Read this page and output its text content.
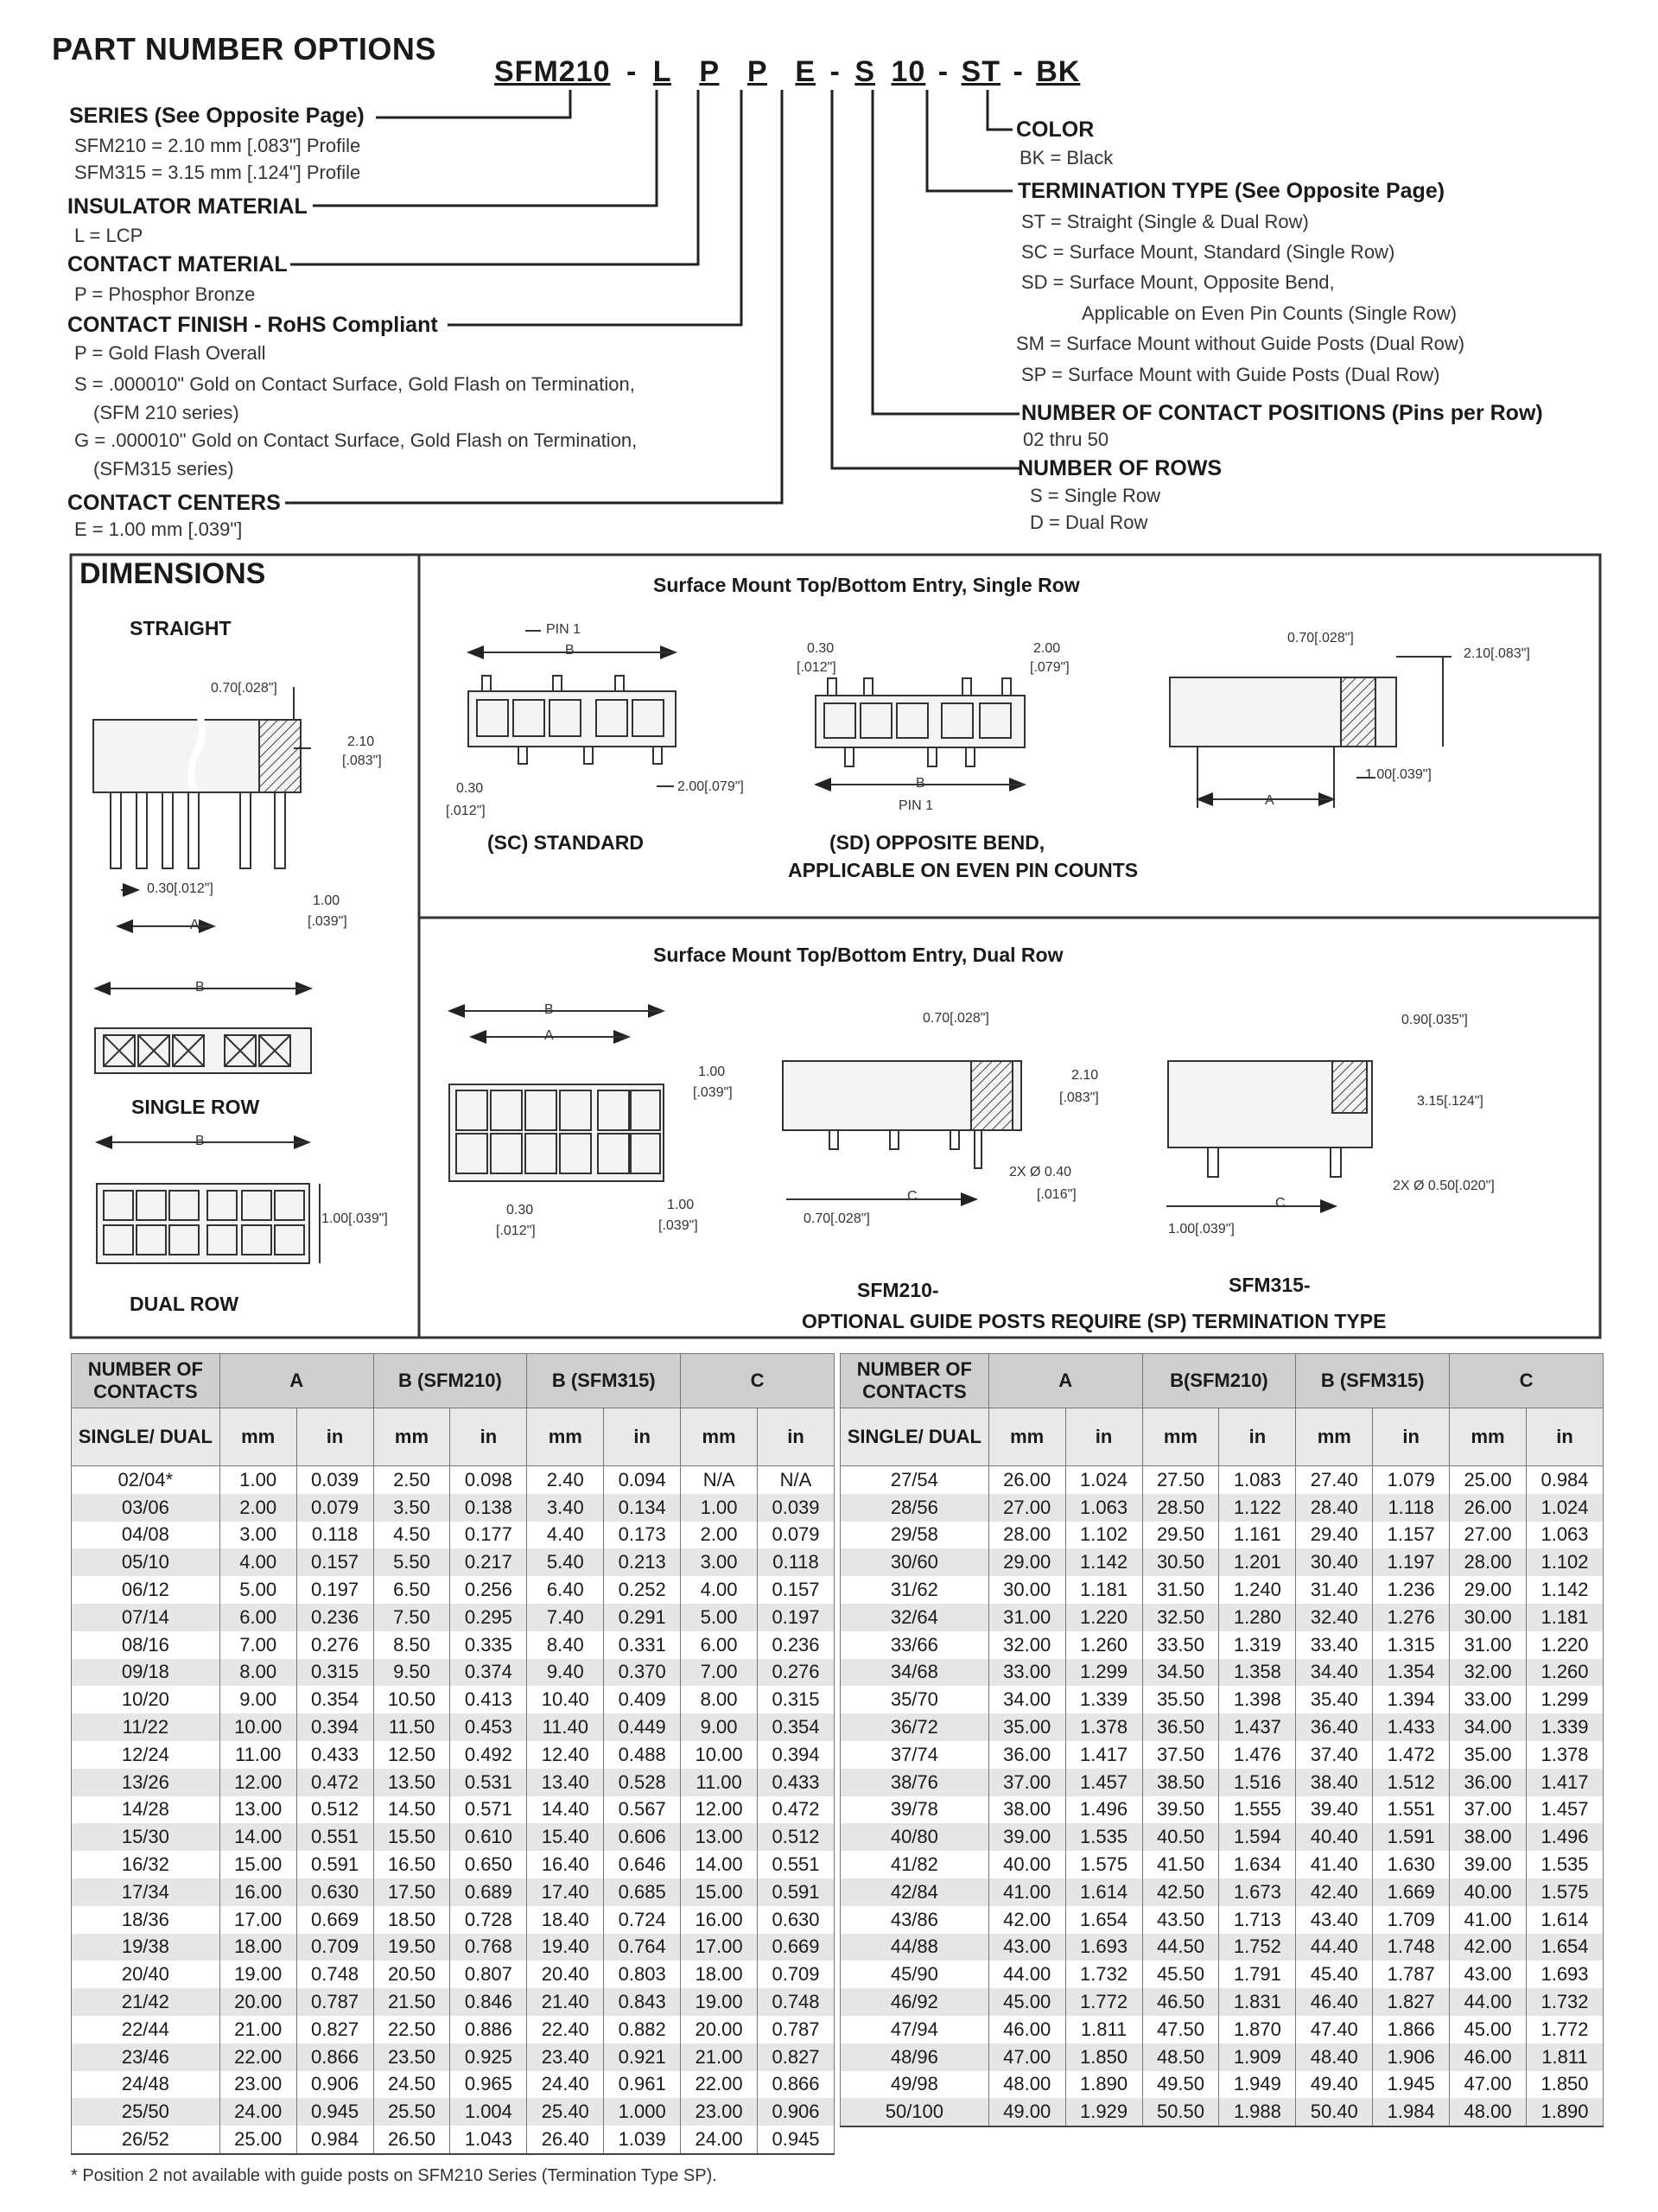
PART NUMBER OPTIONS
SFM210 - L P P E - S 10 - ST - BK
SERIES (See Opposite Page)
SFM210 = 2.10 mm [.083"] Profile
SFM315 = 3.15 mm [.124"] Profile
INSULATOR MATERIAL
L = LCP
CONTACT MATERIAL
P = Phosphor Bronze
CONTACT FINISH - RoHS Compliant
P = Gold Flash Overall
S = .000010" Gold on Contact Surface, Gold Flash on Termination,
(SFM 210 series)
G = .000010" Gold on Contact Surface, Gold Flash on Termination,
(SFM315 series)
CONTACT CENTERS
E = 1.00 mm [.039"]
COLOR
BK = Black
TERMINATION TYPE (See Opposite Page)
ST = Straight (Single & Dual Row)
SC = Surface Mount, Standard (Single Row)
SD = Surface Mount, Opposite Bend,
Applicable on Even Pin Counts (Single Row)
SM = Surface Mount without Guide Posts (Dual Row)
SP = Surface Mount with Guide Posts (Dual Row)
NUMBER OF CONTACT POSITIONS (Pins per Row)
02 thru 50
NUMBER OF ROWS
S = Single Row
D = Dual Row
DIMENSIONS
STRAIGHT
SINGLE ROW
DUAL ROW
0.70[.028"]
2.10
[.083"]
0.30[.012"]
1.00
[.039"]
A
B
B
1.00[.039"]
Surface Mount Top/Bottom Entry, Single Row
PIN 1
B
0.30
[.012"]
2.00[.079"]
(SC) STANDARD
0.30
[.012"]
2.00
[.079"]
B
PIN 1
(SD) OPPOSITE BEND,
APPLICABLE ON EVEN PIN COUNTS
0.70[.028"]
2.10[.083"]
1.00[.039"]
A
Surface Mount Top/Bottom Entry, Dual Row
B
A
1.00
[.039"]
0.30
[.012"]
1.00
[.039"]
0.70[.028"]
2.10
[.083"]
2X Ø 0.40
[.016"]
C
0.70[.028"]
0.90[.035"]
3.15[.124"]
2X Ø 0.50[.020"]
C
1.00[.039"]
SFM210-	SFM315-
OPTIONAL GUIDE POSTS REQUIRE (SP) TERMINATION TYPE
NUMBER OF CONTACTS	A		B (SFM210)		B (SFM315)		C	
SINGLE/ DUAL	mm	in	mm	in	mm	in	mm	in
02/04*	1.00	0.039	2.50	0.098	2.40	0.094	N/A	N/A
03/06	2.00	0.079	3.50	0.138	3.40	0.134	1.00	0.039
04/08	3.00	0.118	4.50	0.177	4.40	0.173	2.00	0.079
05/10	4.00	0.157	5.50	0.217	5.40	0.213	3.00	0.118
06/12	5.00	0.197	6.50	0.256	6.40	0.252	4.00	0.157
07/14	6.00	0.236	7.50	0.295	7.40	0.291	5.00	0.197
08/16	7.00	0.276	8.50	0.335	8.40	0.331	6.00	0.236
09/18	8.00	0.315	9.50	0.374	9.40	0.370	7.00	0.276
10/20	9.00	0.354	10.50	0.413	10.40	0.409	8.00	0.315
11/22	10.00	0.394	11.50	0.453	11.40	0.449	9.00	0.354
12/24	11.00	0.433	12.50	0.492	12.40	0.488	10.00	0.394
13/26	12.00	0.472	13.50	0.531	13.40	0.528	11.00	0.433
14/28	13.00	0.512	14.50	0.571	14.40	0.567	12.00	0.472
15/30	14.00	0.551	15.50	0.610	15.40	0.606	13.00	0.512
16/32	15.00	0.591	16.50	0.650	16.40	0.646	14.00	0.551
17/34	16.00	0.630	17.50	0.689	17.40	0.685	15.00	0.591
18/36	17.00	0.669	18.50	0.728	18.40	0.724	16.00	0.630
19/38	18.00	0.709	19.50	0.768	19.40	0.764	17.00	0.669
20/40	19.00	0.748	20.50	0.807	20.40	0.803	18.00	0.709
21/42	20.00	0.787	21.50	0.846	21.40	0.843	19.00	0.748
22/44	21.00	0.827	22.50	0.886	22.40	0.882	20.00	0.787
23/46	22.00	0.866	23.50	0.925	23.40	0.921	21.00	0.827
24/48	23.00	0.906	24.50	0.965	24.40	0.961	22.00	0.866
25/50	24.00	0.945	25.50	1.004	25.40	1.000	23.00	0.906
26/52	25.00	0.984	26.50	1.043	26.40	1.039	24.00	0.945
NUMBER OF CONTACTS	A		B(SFM210)		B (SFM315)		C	
SINGLE/ DUAL	mm	in	mm	in	mm	in	mm	in
27/54	26.00	1.024	27.50	1.083	27.40	1.079	25.00	0.984
28/56	27.00	1.063	28.50	1.122	28.40	1.118	26.00	1.024
29/58	28.00	1.102	29.50	1.161	29.40	1.157	27.00	1.063
30/60	29.00	1.142	30.50	1.201	30.40	1.197	28.00	1.102
31/62	30.00	1.181	31.50	1.240	31.40	1.236	29.00	1.142
32/64	31.00	1.220	32.50	1.280	32.40	1.276	30.00	1.181
33/66	32.00	1.260	33.50	1.319	33.40	1.315	31.00	1.220
34/68	33.00	1.299	34.50	1.358	34.40	1.354	32.00	1.260
35/70	34.00	1.339	35.50	1.398	35.40	1.394	33.00	1.299
36/72	35.00	1.378	36.50	1.437	36.40	1.433	34.00	1.339
37/74	36.00	1.417	37.50	1.476	37.40	1.472	35.00	1.378
38/76	37.00	1.457	38.50	1.516	38.40	1.512	36.00	1.417
39/78	38.00	1.496	39.50	1.555	39.40	1.551	37.00	1.457
40/80	39.00	1.535	40.50	1.594	40.40	1.591	38.00	1.496
41/82	40.00	1.575	41.50	1.634	41.40	1.630	39.00	1.535
42/84	41.00	1.614	42.50	1.673	42.40	1.669	40.00	1.575
43/86	42.00	1.654	43.50	1.713	43.40	1.709	41.00	1.614
44/88	43.00	1.693	44.50	1.752	44.40	1.748	42.00	1.654
45/90	44.00	1.732	45.50	1.791	45.40	1.787	43.00	1.693
46/92	45.00	1.772	46.50	1.831	46.40	1.827	44.00	1.732
47/94	46.00	1.811	47.50	1.870	47.40	1.866	45.00	1.772
48/96	47.00	1.850	48.50	1.909	48.40	1.906	46.00	1.811
49/98	48.00	1.890	49.50	1.949	49.40	1.945	47.00	1.850
50/100	49.00	1.929	50.50	1.988	50.40	1.984	48.00	1.890
* Position 2 not available with guide posts on SFM210 Series (Termination Type SP).
